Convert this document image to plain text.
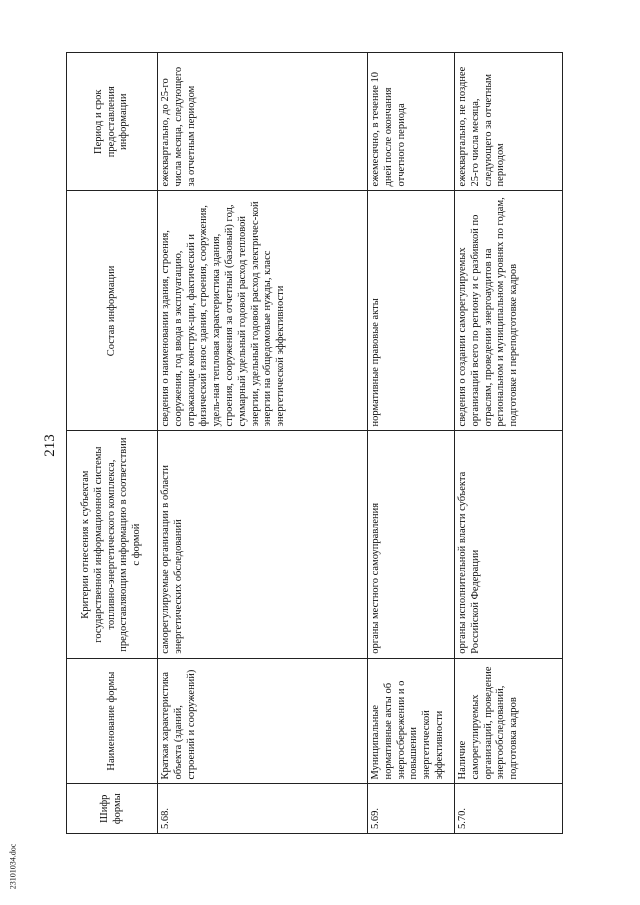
213
Шифр формы	Наименование формы	Критерии отнесения к субъектам государственной информационной системы топливно-энергетического комплекса, предоставляющим информацию в соответствии с формой	Состав информации	Период и срок предоставления информации
5.68.	Краткая характеристика объекта (зданий, строений и сооружений)	саморегулируемые организации в области энергетических обследований	сведения о наименовании здания, строения, сооружения, год ввода в эксплуатацию, отражающие конструк-ции, фактический и физический износ здания, строения, сооружения, удель-ная тепловая характеристика здания, строения, сооружения за отчетный (базовый) год, суммарный удельный годовой расход тепловой энергии, удельный годовой расход электричес-кой энергии на общедомовые нужды, класс энергетической эффективности	ежеквартально, до 25-го числа месяца, следующего за отчетным периодом
5.69.	Муниципальные нормативные акты об энергосбережении и о повышении энергетической эффективности	органы местного самоуправления	нормативные правовые акты	ежемесячно, в течение 10 дней после окончания отчетного периода
5.70.	Наличие саморегулируемых организаций, проведение энергообследований, подготовка кадров	органы исполнительной власти субъекта Российской Федерации	сведения о создании саморегулируемых организаций всего по региону и с разбивкой по отраслям, проведении энергоаудитов на региональном и муниципальном уровнях по годам, подготовке и переподготовке кадров	ежеквартально, не позднее 25-го числа месяца, следующего за отчетным периодом
23101034.doc
